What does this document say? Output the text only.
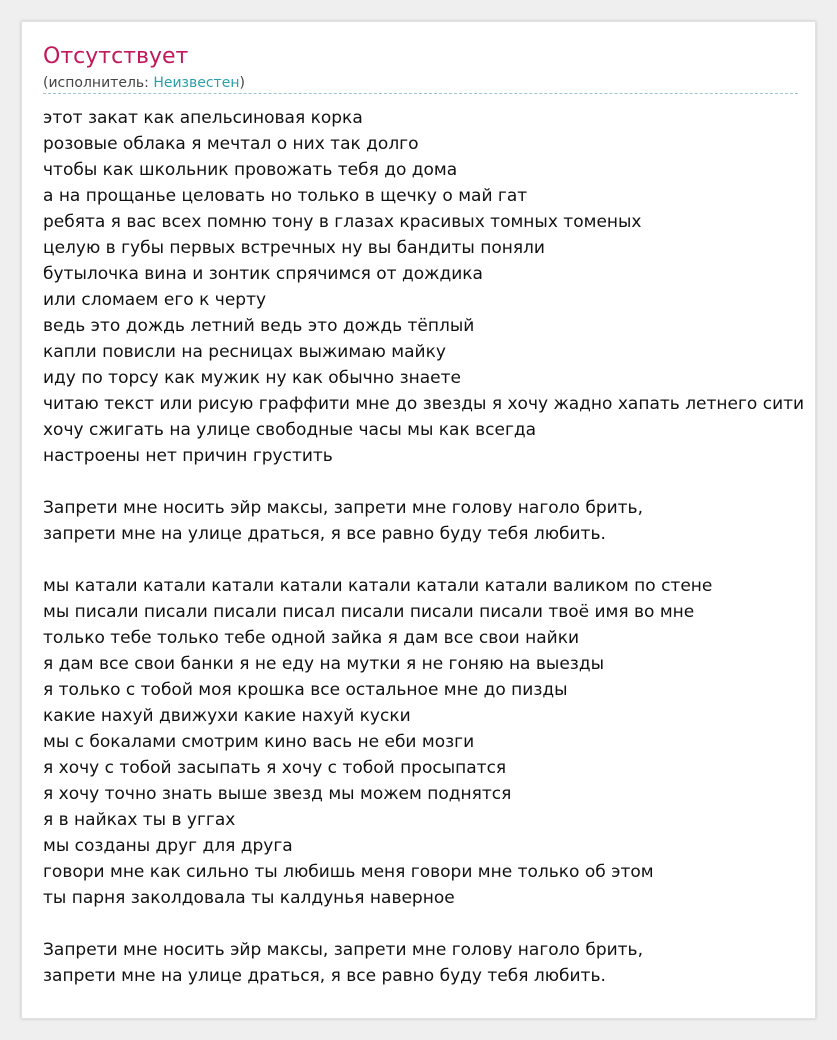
Отсутствует
(исполнитель: Неизвестен)
этот закат как апельсиновая корка
розовые облака я мечтал о них так долго
чтобы как школьник провожать тебя до дома
а на прощанье целовать но только в щечку о май гат
ребята я вас всех помню тону в глазах красивых томных томеных
целую в губы первых встречных ну вы бандиты поняли
бутылочка вина и зонтик спрячимся от дождика
или сломаем его к черту
ведь это дождь летний ведь это дождь тёплый
капли повисли на ресницах выжимаю майку
иду по торсу как мужик ну как обычно знаете
читаю текст или рисую граффити мне до звезды я хочу жадно хапать летнего сити
хочу сжигать на улице свободные часы мы как всегда
настроены нет причин грустить
Запрети мне носить эйр максы, запрети мне голову наголо брить,
запрети мне на улице драться, я все равно буду тебя любить.
мы катали катали катали катали катали катали катали валиком по стене
мы писали писали писали писал писали писали писали твоё имя во мне
только тебе только тебе одной зайка я дам все свои найки
я дам все свои банки я не еду на мутки я не гоняю на выезды
я только с тобой моя крошка все остальное мне до пизды
какие нахуй движухи какие нахуй куски
мы с бокалами смотрим кино вась не еби мозги
я хочу с тобой засыпать я хочу с тобой просыпатся
я хочу точно знать выше звезд мы можем поднятся
я в найках ты в уггах
мы созданы друг для друга
говори мне как сильно ты любишь меня говори мне только об этом
ты парня заколдовала ты калдунья наверное
Запрети мне носить эйр максы, запрети мне голову наголо брить,
запрети мне на улице драться, я все равно буду тебя любить.
